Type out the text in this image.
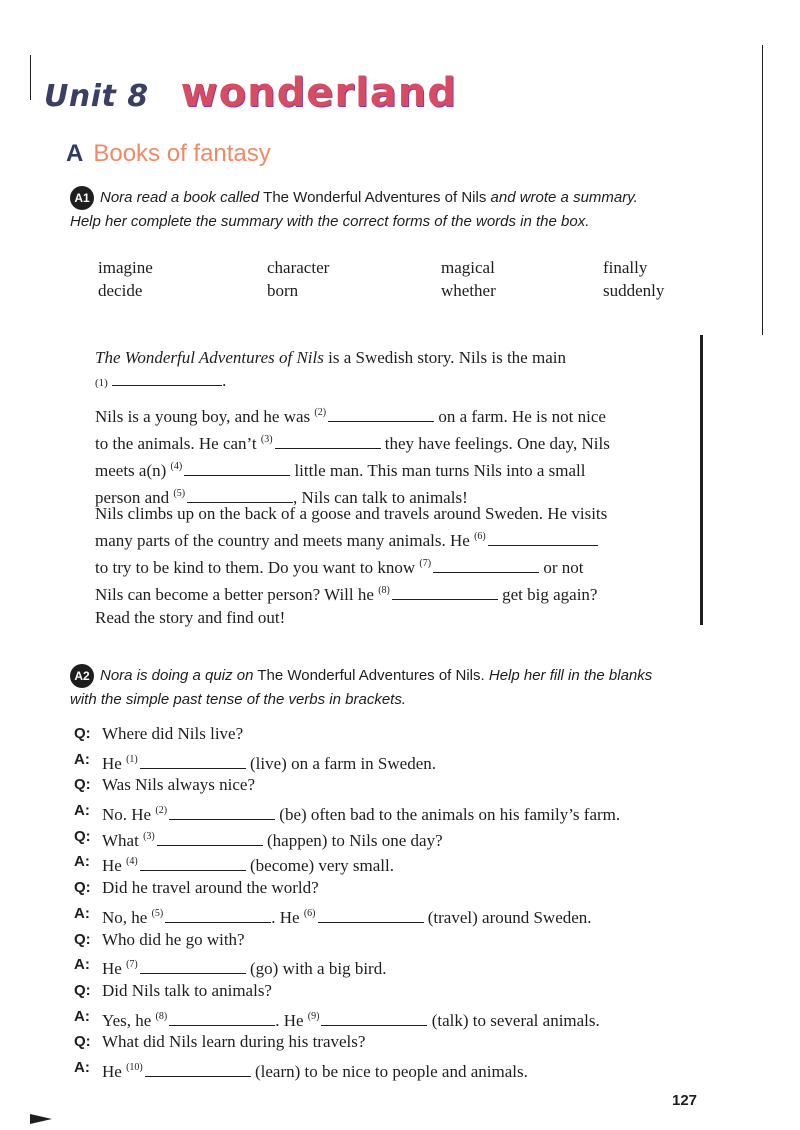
Unit 8 wonderland
A Books of fantasy
A1 Nora read a book called The Wonderful Adventures of Nils and wrote a summary.
Help her complete the summary with the correct forms of the words in the box.
imagine	character	magical	finally
decide	born	whether	suddenly
The Wonderful Adventures of Nils is a Swedish story. Nils is the main
(1)	.
Nils is a young boy, and he was $^{(2)}$	on a farm. He is not nice
to the animals. He can’t $^{(3)}$	they have feelings. One day, Nils
meets a(n) $^{(4)}$	little man. This man turns Nils into a small
person and $^{(5)}$	, Nils can talk to animals!
Nils climbs up on the back of a goose and travels around Sweden. He visits
many parts of the country and meets many animals. He $^{(6)}$
to try to be kind to them. Do you want to know $^{(7)}$	or not
Nils can become a better person? Will he $^{(8)}$	get big again?
Read the story and find out!
A2 Nora is doing a quiz on The Wonderful Adventures of Nils. Help her fill in the blanks
with the simple past tense of the verbs in brackets.
Q: Where did Nils live?
A: He $^{(1)}$	(live) on a farm in Sweden.
Q: Was Nils always nice?
A: No. He $^{(2)}$	(be) often bad to the animals on his family’s farm.
Q: What $^{(3)}$	(happen) to Nils one day?
A: He $^{(4)}$	(become) very small.
Q: Did he travel around the world?
A: No, he $^{(5)}$	. He $^{(6)}$	(travel) around Sweden.
Q: Who did he go with?
A: He $^{(7)}$	(go) with a big bird.
Q: Did Nils talk to animals?
A: Yes, he $^{(8)}$	. He $^{(9)}$	(talk) to several animals.
Q: What did Nils learn during his travels?
A: He $^{(10)}$	(learn) to be nice to people and animals.
127
